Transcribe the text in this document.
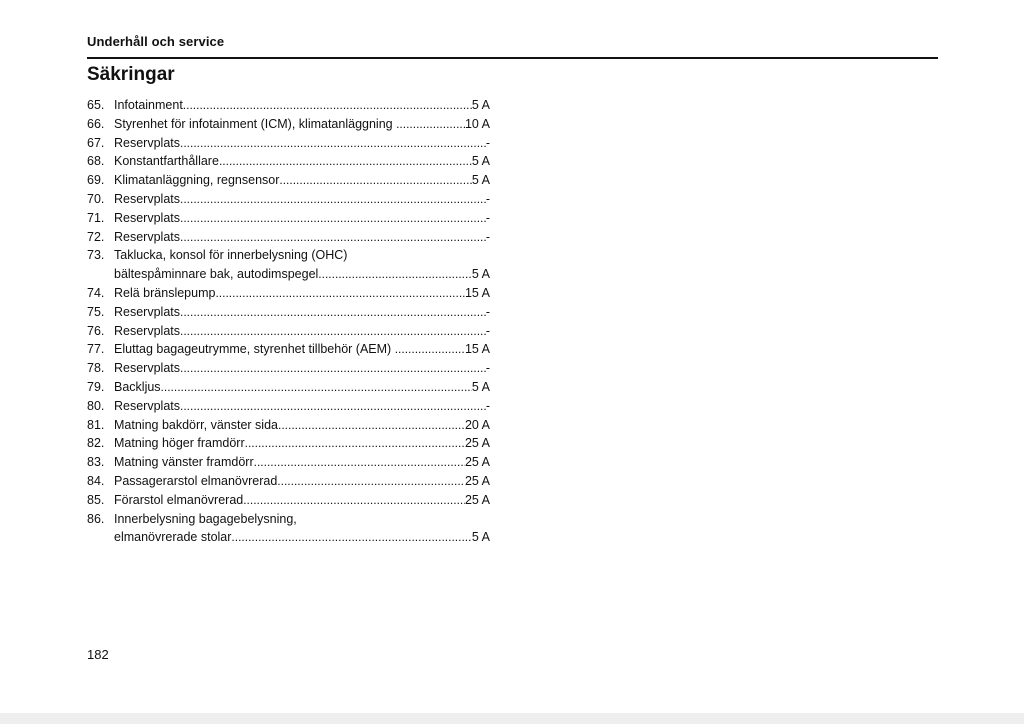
Underhåll och service
Säkringar
65. Infotainment .....	5 A
66. Styrenhet för infotainment (ICM), klimatanläggning .....	10 A
67. Reservplats .....	-
68. Konstantfarthållare .....	5 A
69. Klimatanläggning, regnsensor .....	5 A
70. Reservplats .....	-
71. Reservplats .....	-
72. Reservplats .....	-
73. Taklucka, konsol för innerbelysning (OHC)
bältespåminnare bak, autodimspegel .....	5 A
74. Relä bränslepump .....	15 A
75. Reservplats .....	-
76. Reservplats .....	-
77. Eluttag bagageutrymme, styrenhet tillbehör (AEM) .....	15 A
78. Reservplats .....	-
79. Backljus .....	5 A
80. Reservplats .....	-
81. Matning bakdörr, vänster sida .....	20 A
82. Matning höger framdörr .....	25 A
83. Matning vänster framdörr .....	25 A
84. Passagerarstol elmanövrerad .....	25 A
85. Förarstol elmanövrerad .....	25 A
86. Innerbelysning bagagebelysning,
elmanövrerade stolar .....	5 A
182
